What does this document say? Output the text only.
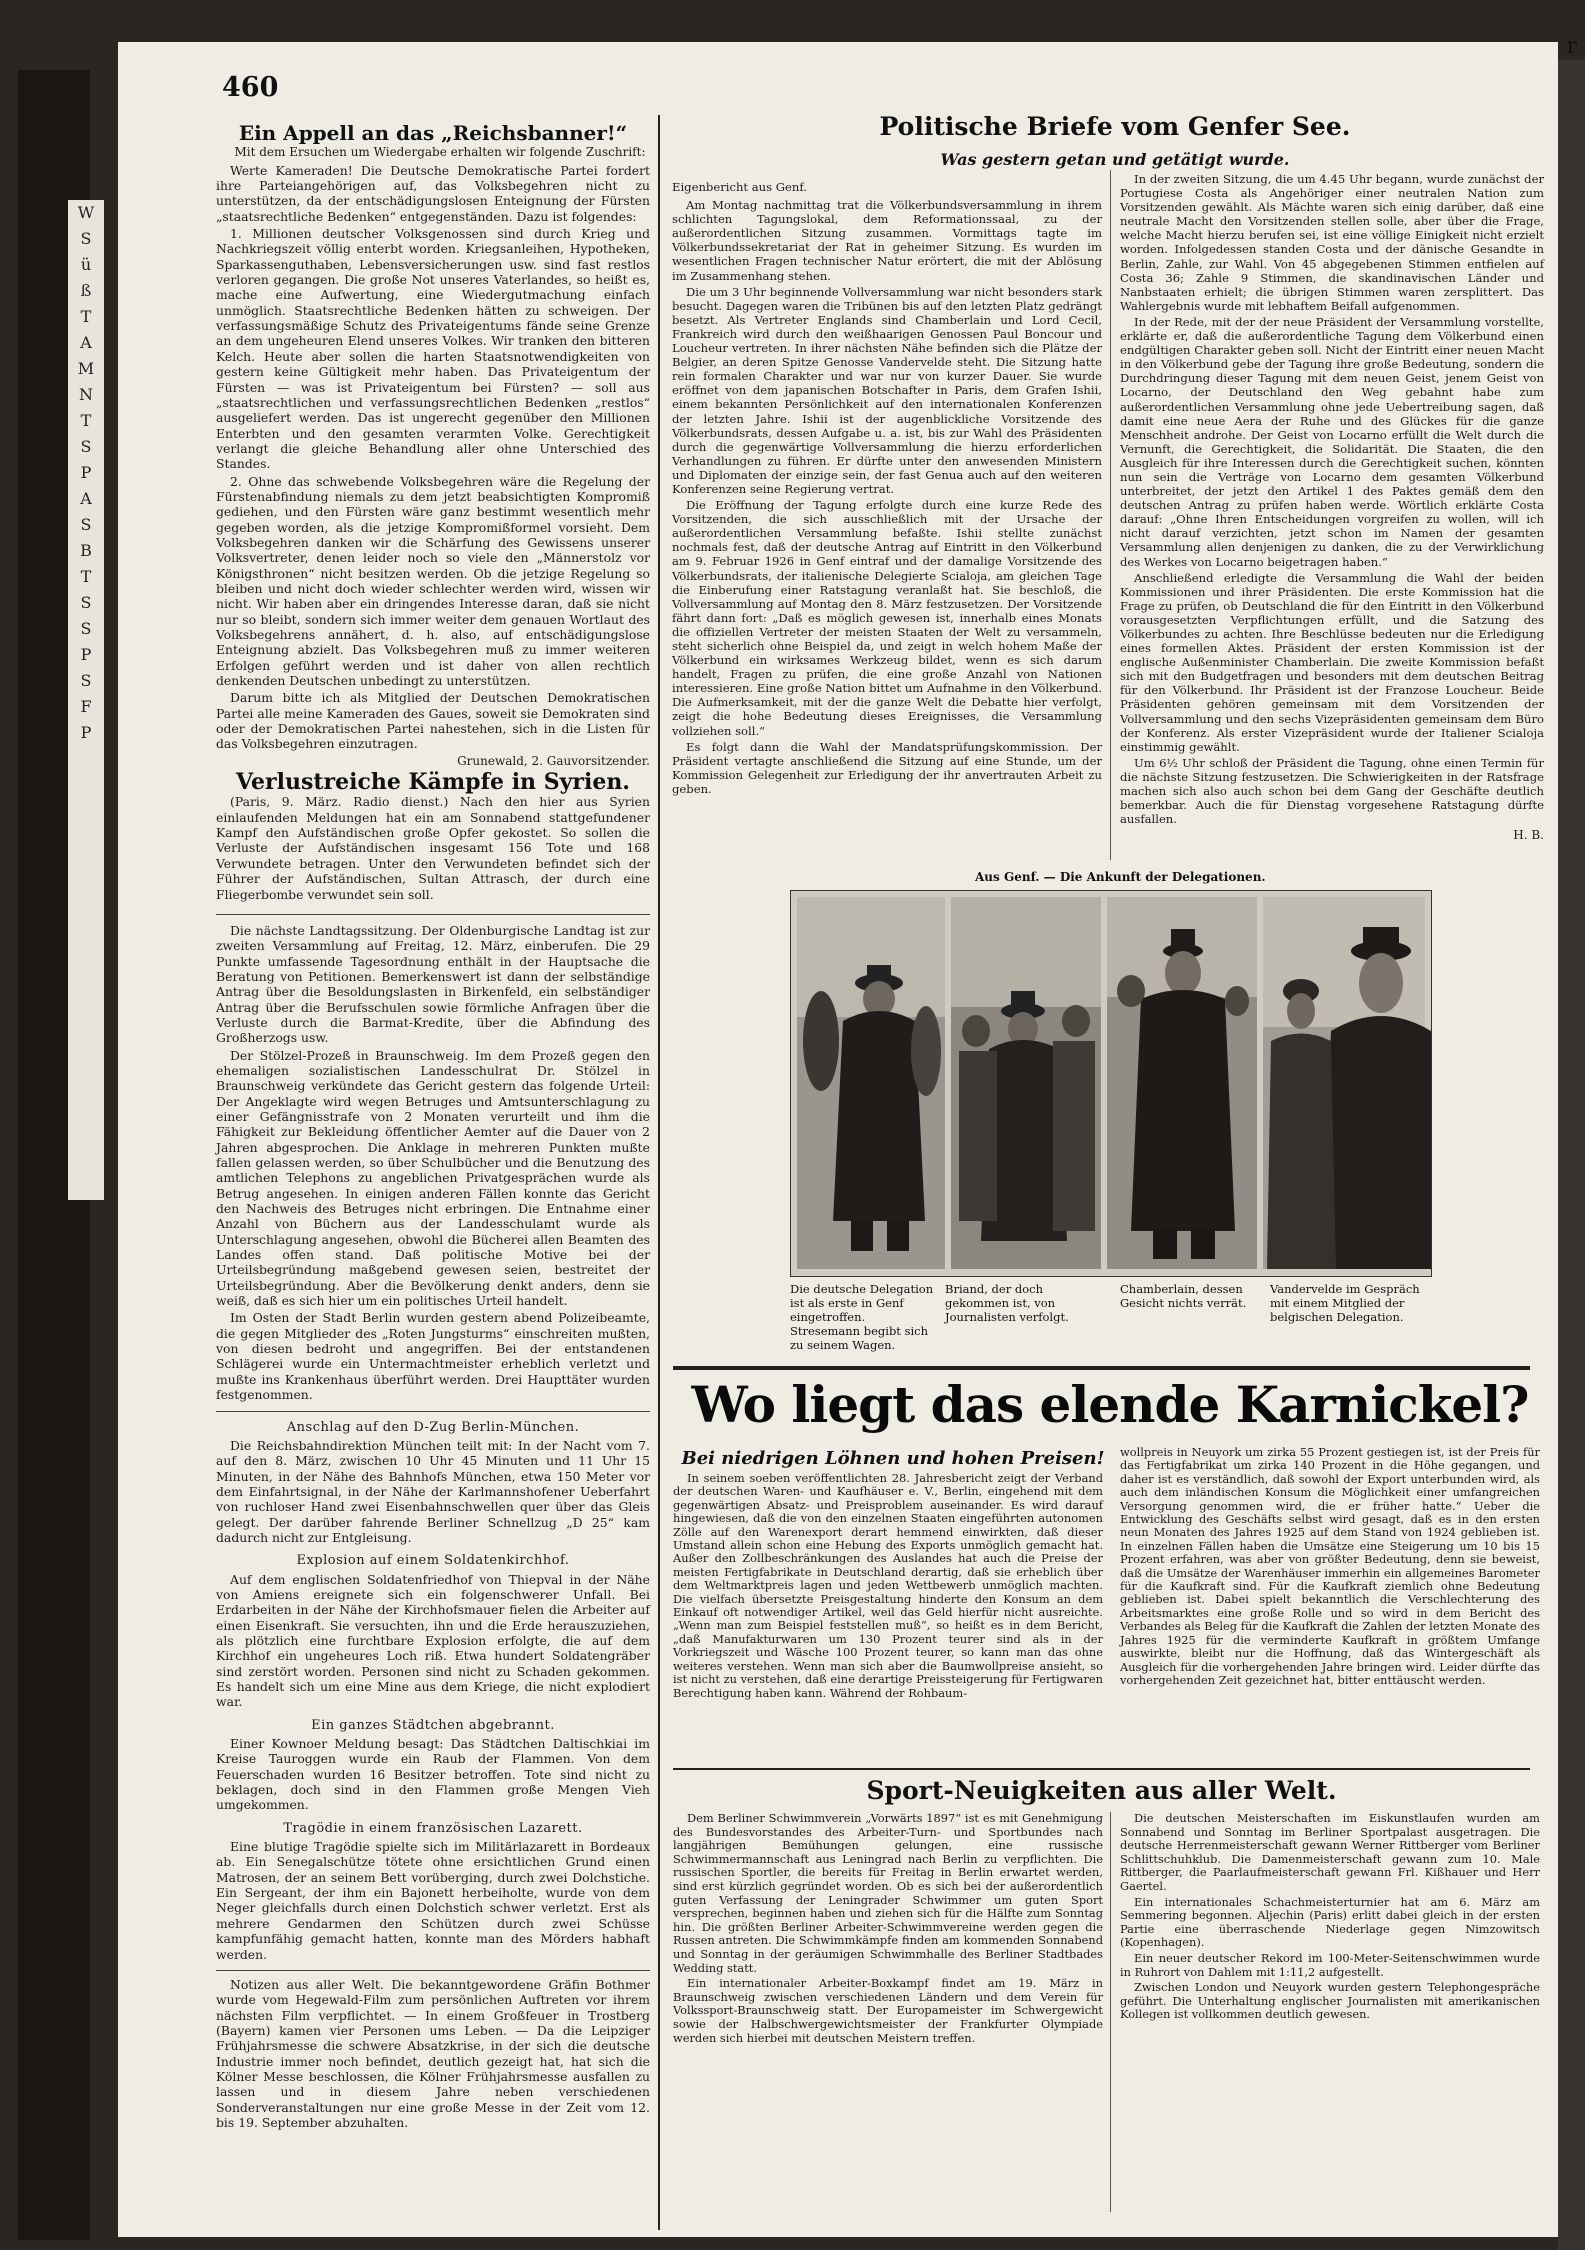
W
S
ü
ß
T
A
M
N
T
S
P
A
S
B
T
S
S
P
S
F
P
460
r
Ein Appell an das „Reichsbanner!“

Mit dem Ersuchen um Wiedergabe erhalten wir folgende Zuschrift:

Werte Kameraden! Die Deutsche Demokratische Partei fordert ihre Parteiangehörigen auf, das Volksbegehren nicht zu unterstützen, da der entschädigungslosen Enteignung der Fürsten „staatsrechtliche Bedenken“ entgegenständen. Dazu ist folgendes:

1. Millionen deutscher Volksgenossen sind durch Krieg und Nachkriegszeit völlig enterbt worden. Kriegsanleihen, Hypotheken, Sparkassenguthaben, Lebensversicherungen usw. sind fast restlos verloren gegangen. Die große Not unseres Vaterlandes, so heißt es, mache eine Aufwertung, eine Wiedergutmachung einfach unmöglich. Staatsrechtliche Bedenken hätten zu schweigen. Der verfassungsmäßige Schutz des Privateigentums fände seine Grenze an dem ungeheuren Elend unseres Volkes. Wir tranken den bitteren Kelch. Heute aber sollen die harten Staatsnotwendigkeiten von gestern keine Gültigkeit mehr haben. Das Privateigentum der Fürsten — was ist Privateigentum bei Fürsten? — soll aus „staatsrechtlichen und verfassungsrechtlichen Bedenken „restlos“ ausgeliefert werden. Das ist ungerecht gegenüber den Millionen Enterbten und den gesamten verarmten Volke. Gerechtigkeit verlangt die gleiche Behandlung aller ohne Unterschied des Standes.

2. Ohne das schwebende Volksbegehren wäre die Regelung der Fürstenabfindung niemals zu dem jetzt beabsichtigten Kompromiß gediehen, und den Fürsten wäre ganz bestimmt wesentlich mehr gegeben worden, als die jetzige Kompromißformel vorsieht. Dem Volksbegehren danken wir die Schärfung des Gewissens unserer Volksvertreter, denen leider noch so viele den „Männerstolz vor Königsthronen“ nicht besitzen werden. Ob die jetzige Regelung so bleiben und nicht doch wieder schlechter werden wird, wissen wir nicht. Wir haben aber ein dringendes Interesse daran, daß sie nicht nur so bleibt, sondern sich immer weiter dem genauen Wortlaut des Volksbegehrens annähert, d. h. also, auf entschädigungslose Enteignung abzielt. Das Volksbegehren muß zu immer weiteren Erfolgen geführt werden und ist daher von allen rechtlich denkenden Deutschen unbedingt zu unterstützen.

Darum bitte ich als Mitglied der Deutschen Demokratischen Partei alle meine Kameraden des Gaues, soweit sie Demokraten sind oder der Demokratischen Partei nahestehen, sich in die Listen für das Volksbegehren einzutragen.

Grunewald, 2. Gauvorsitzender.
Verlustreiche Kämpfe in Syrien.

(Paris, 9. März. Radio dienst.) Nach den hier aus Syrien einlaufenden Meldungen hat ein am Sonnabend stattgefundener Kampf den Aufständischen große Opfer gekostet. So sollen die Verluste der Aufständischen insgesamt 156 Tote und 168 Verwundete betragen. Unter den Verwundeten befindet sich der Führer der Aufständischen, Sultan Attrasch, der durch eine Fliegerbombe verwundet sein soll.

Die nächste Landtagssitzung. Der Oldenburgische Landtag ist zur zweiten Versammlung auf Freitag, 12. März, einberufen. Die 29 Punkte umfassende Tagesordnung enthält in der Hauptsache die Beratung von Petitionen. Bemerkenswert ist dann der selbständige Antrag über die Besoldungslasten in Birkenfeld, ein selbständiger Antrag über die Berufsschulen sowie förmliche Anfragen über die Verluste durch die Barmat-Kredite, über die Abfindung des Großherzogs usw.

Der Stölzel-Prozeß in Braunschweig. Im dem Prozeß gegen den ehemaligen sozialistischen Landesschulrat Dr. Stölzel in Braunschweig verkündete das Gericht gestern das folgende Urteil: Der Angeklagte wird wegen Betruges und Amtsunterschlagung zu einer Gefängnisstrafe von 2 Monaten verurteilt und ihm die Fähigkeit zur Bekleidung öffentlicher Aemter auf die Dauer von 2 Jahren abgesprochen. Die Anklage in mehreren Punkten mußte fallen gelassen werden, so über Schulbücher und die Benutzung des amtlichen Telephons zu angeblichen Privatgesprächen wurde als Betrug angesehen. In einigen anderen Fällen konnte das Gericht den Nachweis des Betruges nicht erbringen. Die Entnahme einer Anzahl von Büchern aus der Landesschulamt wurde als Unterschlagung angesehen, obwohl die Bücherei allen Beamten des Landes offen stand. Daß politische Motive bei der Urteilsbegründung maßgebend gewesen seien, bestreitet der Urteilsbegründung. Aber die Bevölkerung denkt anders, denn sie weiß, daß es sich hier um ein politisches Urteil handelt.

Im Osten der Stadt Berlin wurden gestern abend Polizeibeamte, die gegen Mitglieder des „Roten Jungsturms“ einschreiten mußten, von diesen bedroht und angegriffen. Bei der entstandenen Schlägerei wurde ein Untermachtmeister erheblich verletzt und mußte ins Krankenhaus überführt werden. Drei Haupttäter wurden festgenommen.

Anschlag auf den D-Zug Berlin-München.

Die Reichsbahndirektion München teilt mit: In der Nacht vom 7. auf den 8. März, zwischen 10 Uhr 45 Minuten und 11 Uhr 15 Minuten, in der Nähe des Bahnhofs München, etwa 150 Meter vor dem Einfahrtsignal, in der Nähe der Karlmannshofener Ueberfahrt von ruchloser Hand zwei Eisenbahnschwellen quer über das Gleis gelegt. Der darüber fahrende Berliner Schnellzug „D 25“ kam dadurch nicht zur Entgleisung.

Explosion auf einem Soldatenkirchhof.

Auf dem englischen Soldatenfriedhof von Thiepval in der Nähe von Amiens ereignete sich ein folgenschwerer Unfall. Bei Erdarbeiten in der Nähe der Kirchhofsmauer fielen die Arbeiter auf einen Eisenkraft. Sie versuchten, ihn und die Erde herauszuziehen, als plötzlich eine furchtbare Explosion erfolgte, die auf dem Kirchhof ein ungeheures Loch riß. Etwa hundert Soldatengräber sind zerstört worden. Personen sind nicht zu Schaden gekommen. Es handelt sich um eine Mine aus dem Kriege, die nicht explodiert war.

Ein ganzes Städtchen abgebrannt.

Einer Kownoer Meldung besagt: Das Städtchen Daltischkiai im Kreise Tauroggen wurde ein Raub der Flammen. Von dem Feuerschaden wurden 16 Besitzer betroffen. Tote sind nicht zu beklagen, doch sind in den Flammen große Mengen Vieh umgekommen.

Tragödie in einem französischen Lazarett.

Eine blutige Tragödie spielte sich im Militärlazarett in Bordeaux ab. Ein Senegalschütze tötete ohne ersichtlichen Grund einen Matrosen, der an seinem Bett vorüberging, durch zwei Dolchstiche. Ein Sergeant, der ihm ein Bajonett herbeiholte, wurde von dem Neger gleichfalls durch einen Dolchstich schwer verletzt. Erst als mehrere Gendarmen den Schützen durch zwei Schüsse kampfunfähig gemacht hatten, konnte man des Mörders habhaft werden.

Notizen aus aller Welt. Die bekanntgewordene Gräfin Bothmer wurde vom Hegewald-Film zum persönlichen Auftreten vor ihrem nächsten Film verpflichtet. — In einem Großfeuer in Trostberg (Bayern) kamen vier Personen ums Leben. — Da die Leipziger Frühjahrsmesse die schwere Absatzkrise, in der sich die deutsche Industrie immer noch befindet, deutlich gezeigt hat, hat sich die Kölner Messe beschlossen, die Kölner Frühjahrsmesse ausfallen zu lassen und in diesem Jahre neben verschiedenen Sonderveranstaltungen nur eine große Messe in der Zeit vom 12. bis 19. September abzuhalten.

Politische Briefe vom Genfer See.
Was gestern getan und getätigt wurde.

Eigenbericht aus Genf.

Am Montag nachmittag trat die Völkerbundsversammlung in ihrem schlichten Tagungslokal, dem Reformationssaal, zu der außerordentlichen Sitzung zusammen. Vormittags tagte im Völkerbundssekretariat der Rat in geheimer Sitzung. Es wurden im wesentlichen Fragen technischer Natur erörtert, die mit der Ablösung im Zusammenhang stehen.

Die um 3 Uhr beginnende Vollversammlung war nicht besonders stark besucht. Dagegen waren die Tribünen bis auf den letzten Platz gedrängt besetzt. Als Vertreter Englands sind Chamberlain und Lord Cecil, Frankreich wird durch den weißhaarigen Genossen Paul Boncour und Loucheur vertreten. In ihrer nächsten Nähe befinden sich die Plätze der Belgier, an deren Spitze Genosse Vandervelde steht. Die Sitzung hatte rein formalen Charakter und war nur von kurzer Dauer. Sie wurde eröffnet von dem japanischen Botschafter in Paris, dem Grafen Ishii, einem bekannten Persönlichkeit auf den internationalen Konferenzen der letzten Jahre. Ishii ist der augenblickliche Vorsitzende des Völkerbundsrats, dessen Aufgabe u. a. ist, bis zur Wahl des Präsidenten durch die gegenwärtige Vollversammlung die hierzu erforderlichen Verhandlungen zu führen. Er dürfte unter den anwesenden Ministern und Diplomaten der einzige sein, der fast Genua auch auf den weiteren Konferenzen seine Regierung vertrat.

Die Eröffnung der Tagung erfolgte durch eine kurze Rede des Vorsitzenden, die sich ausschließlich mit der Ursache der außerordentlichen Versammlung befaßte. Ishii stellte zunächst nochmals fest, daß der deutsche Antrag auf Eintritt in den Völkerbund am 9. Februar 1926 in Genf eintraf und der damalige Vorsitzende des Völkerbundsrats, der italienische Delegierte Scialoja, am gleichen Tage die Einberufung einer Ratstagung veranlaßt hat. Sie beschloß, die Vollversammlung auf Montag den 8. März festzusetzen. Der Vorsitzende fährt dann fort: „Daß es möglich gewesen ist, innerhalb eines Monats die offiziellen Vertreter der meisten Staaten der Welt zu versammeln, steht sicherlich ohne Beispiel da, und zeigt in welch hohem Maße der Völkerbund ein wirksames Werkzeug bildet, wenn es sich darum handelt, Fragen zu prüfen, die eine große Anzahl von Nationen interessieren. Eine große Nation bittet um Aufnahme in den Völkerbund. Die Aufmerksamkeit, mit der die ganze Welt die Debatte hier verfolgt, zeigt die hohe Bedeutung dieses Ereignisses, die Versammlung vollziehen soll.“

Es folgt dann die Wahl der Mandatsprüfungskommission. Der Präsident vertagte anschließend die Sitzung auf eine Stunde, um der Kommission Gelegenheit zur Erledigung der ihr anvertrauten Arbeit zu geben.

In der zweiten Sitzung, die um 4.45 Uhr begann, wurde zunächst der Portugiese Costa als Angehöriger einer neutralen Nation zum Vorsitzenden gewählt. Als Mächte waren sich einig darüber, daß eine neutrale Macht den Vorsitzenden stellen solle, aber über die Frage, welche Macht hierzu berufen sei, ist eine völlige Einigkeit nicht erzielt worden. Infolgedessen standen Costa und der dänische Gesandte in Berlin, Zahle, zur Wahl. Von 45 abgegebenen Stimmen entfielen auf Costa 36; Zahle 9 Stimmen, die skandinavischen Länder und Nanbstaaten erhielt; die übrigen Stimmen waren zersplittert. Das Wahlergebnis wurde mit lebhaftem Beifall aufgenommen.

In der Rede, mit der der neue Präsident der Versammlung vorstellte, erklärte er, daß die außerordentliche Tagung dem Völkerbund einen endgültigen Charakter geben soll. Nicht der Eintritt einer neuen Macht in den Völkerbund gebe der Tagung ihre große Bedeutung, sondern die Durchdringung dieser Tagung mit dem neuen Geist, jenem Geist von Locarno, der Deutschland den Weg gebahnt habe zum außerordentlichen Versammlung ohne jede Uebertreibung sagen, daß damit eine neue Aera der Ruhe und des Glückes für die ganze Menschheit androhe. Der Geist von Locarno erfüllt die Welt durch die Vernunft, die Gerechtigkeit, die Solidarität. Die Staaten, die den Ausgleich für ihre Interessen durch die Gerechtigkeit suchen, könnten nun sein die Verträge von Locarno dem gesamten Völkerbund unterbreitet, der jetzt den Artikel 1 des Paktes gemäß dem den deutschen Antrag zu prüfen haben werde. Wörtlich erklärte Costa darauf: „Ohne Ihren Entscheidungen vorgreifen zu wollen, will ich nicht darauf verzichten, jetzt schon im Namen der gesamten Versammlung allen denjenigen zu danken, die zu der Verwirklichung des Werkes von Locarno beigetragen haben.“

Anschließend erledigte die Versammlung die Wahl der beiden Kommissionen und ihrer Präsidenten. Die erste Kommission hat die Frage zu prüfen, ob Deutschland die für den Eintritt in den Völkerbund vorausgesetzten Verpflichtungen erfüllt, und die Satzung des Völkerbundes zu achten. Ihre Beschlüsse bedeuten nur die Erledigung eines formellen Aktes. Präsident der ersten Kommission ist der englische Außenminister Chamberlain. Die zweite Kommission befaßt sich mit den Budgetfragen und besonders mit dem deutschen Beitrag für den Völkerbund. Ihr Präsident ist der Franzose Loucheur. Beide Präsidenten gehören gemeinsam mit dem Vorsitzenden der Vollversammlung und den sechs Vizepräsidenten gemeinsam dem Büro der Konferenz. Als erster Vizepräsident wurde der Italiener Scialoja einstimmig gewählt.

Um 6½ Uhr schloß der Präsident die Tagung, ohne einen Termin für die nächste Sitzung festzusetzen. Die Schwierigkeiten in der Ratsfrage machen sich also auch schon bei dem Gang der Geschäfte deutlich bemerkbar. Auch die für Dienstag vorgesehene Ratstagung dürfte ausfallen.

H. B.
Aus Genf. — Die Ankunft der Delegationen.
Die deutsche Delegation ist als erste in Genf eingetroffen. Stresemann begibt sich zu seinem Wagen.
Briand, der doch gekommen ist, von Journalisten verfolgt.
Chamberlain, dessen Gesicht nichts verrät.
Vandervelde im Gespräch mit einem Mitglied der belgischen Delegation.
Wo liegt das elende Karnickel?
Bei niedrigen Löhnen und hohen Preisen!

In seinem soeben veröffentlichten 28. Jahresbericht zeigt der Verband der deutschen Waren- und Kaufhäuser e. V., Berlin, eingehend mit dem gegenwärtigen Absatz- und Preisproblem auseinander. Es wird darauf hingewiesen, daß die von den einzelnen Staaten eingeführten autonomen Zölle auf den Warenexport derart hemmend einwirkten, daß dieser Umstand allein schon eine Hebung des Exports unmöglich gemacht hat. Außer den Zollbeschränkungen des Auslandes hat auch die Preise der meisten Fertigfabrikate in Deutschland derartig, daß sie erheblich über dem Weltmarktpreis lagen und jeden Wettbewerb unmöglich machten. Die vielfach übersetzte Preisgestaltung hinderte den Konsum an dem Einkauf oft notwendiger Artikel, weil das Geld hierfür nicht ausreichte. „Wenn man zum Beispiel feststellen muß“, so heißt es in dem Bericht, „daß Manufakturwaren um 130 Prozent teurer sind als in der Vorkriegszeit und Wäsche 100 Prozent teurer, so kann man das ohne weiteres verstehen. Wenn man sich aber die Baumwollpreise ansieht, so ist nicht zu verstehen, daß eine derartige Preissteigerung für Fertigwaren Berechtigung haben kann. Während der Rohbaum-

wollpreis in Neuyork um zirka 55 Prozent gestiegen ist, ist der Preis für das Fertigfabrikat um zirka 140 Prozent in die Höhe gegangen, und daher ist es verständlich, daß sowohl der Export unterbunden wird, als auch dem inländischen Konsum die Möglichkeit einer umfangreichen Versorgung genommen wird, die er früher hatte.“ Ueber die Entwicklung des Geschäfts selbst wird gesagt, daß es in den ersten neun Monaten des Jahres 1925 auf dem Stand von 1924 geblieben ist. In einzelnen Fällen haben die Umsätze eine Steigerung um 10 bis 15 Prozent erfahren, was aber von größter Bedeutung, denn sie beweist, daß die Umsätze der Warenhäuser immerhin ein allgemeines Barometer für die Kaufkraft sind. Für die Kaufkraft ziemlich ohne Bedeutung geblieben ist. Dabei spielt bekanntlich die Verschlechterung des Arbeitsmarktes eine große Rolle und so wird in dem Bericht des Verbandes als Beleg für die Kaufkraft die Zahlen der letzten Monate des Jahres 1925 für die verminderte Kaufkraft in größtem Umfange auswirkte, bleibt nur die Hoffnung, daß das Wintergeschäft als Ausgleich für die vorhergehenden Jahre bringen wird. Leider dürfte das vorhergehenden Zeit gezeichnet hat, bitter enttäuscht werden.

Sport-Neuigkeiten aus aller Welt.

Dem Berliner Schwimmverein „Vorwärts 1897“ ist es mit Genehmigung des Bundesvorstandes des Arbeiter-Turn- und Sportbundes nach langjährigen Bemühungen gelungen, eine russische Schwimmermannschaft aus Leningrad nach Berlin zu verpflichten. Die russischen Sportler, die bereits für Freitag in Berlin erwartet werden, sind erst kürzlich gegründet worden. Ob es sich bei der außerordentlich guten Verfassung der Leningrader Schwimmer um guten Sport versprechen, beginnen haben und ziehen sich für die Hälfte zum Sonntag hin. Die größten Berliner Arbeiter-Schwimmvereine werden gegen die Russen antreten. Die Schwimmkämpfe finden am kommenden Sonnabend und Sonntag in der geräumigen Schwimmhalle des Berliner Stadtbades Wedding statt.

Ein internationaler Arbeiter-Boxkampf findet am 19. März in Braunschweig zwischen verschiedenen Ländern und dem Verein für Volkssport-Braunschweig statt. Der Europameister im Schwergewicht sowie der Halbschwergewichtsmeister der Frankfurter Olympiade werden sich hierbei mit deutschen Meistern treffen.

Die deutschen Meisterschaften im Eiskunstlaufen wurden am Sonnabend und Sonntag im Berliner Sportpalast ausgetragen. Die deutsche Herrenmeisterschaft gewann Werner Rittberger vom Berliner Schlittschuhklub. Die Damenmeisterschaft gewann zum 10. Male Rittberger, die Paarlaufmeisterschaft gewann Frl. Kißhauer und Herr Gaertel.

Ein internationales Schachmeisterturnier hat am 6. März am Semmering begonnen. Aljechin (Paris) erlitt dabei gleich in der ersten Partie eine überraschende Niederlage gegen Nimzowitsch (Kopenhagen).

Ein neuer deutscher Rekord im 100-Meter-Seitenschwimmen wurde in Ruhrort von Dahlem mit 1:11,2 aufgestellt.

Zwischen London und Neuyork wurden gestern Telephongespräche geführt. Die Unterhaltung englischer Journalisten mit amerikanischen Kollegen ist vollkommen deutlich gewesen.
